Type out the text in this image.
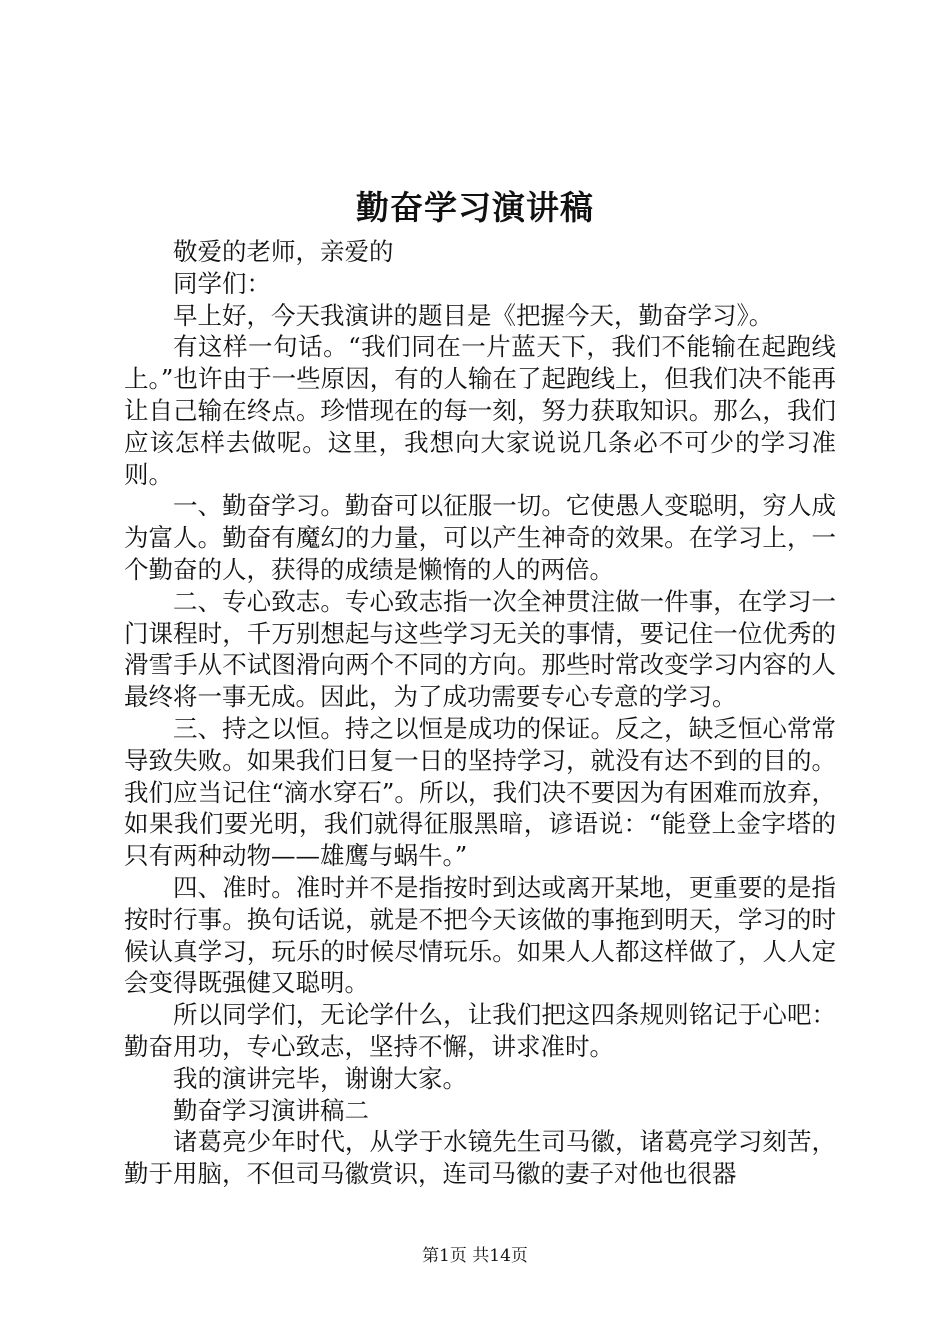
勤奋学习演讲稿

敬爱的老师，亲爱的

同学们：

早上好，今天我演讲的题目是《把握今天，勤奋学习》。

有这样一句话。“我们同在一片蓝天下，我们不能输在起跑线上。”也许由于一些原因，有的人输在了起跑线上，但我们决不能再让自己输在终点。珍惜现在的每一刻，努力获取知识。那么，我们应该怎样去做呢。这里，我想向大家说说几条必不可少的学习准则。

一、勤奋学习。勤奋可以征服一切。它使愚人变聪明，穷人成为富人。勤奋有魔幻的力量，可以产生神奇的效果。在学习上，一个勤奋的人，获得的成绩是懒惰的人的两倍。

二、专心致志。专心致志指一次全神贯注做一件事，在学习一门课程时，千万别想起与这些学习无关的事情，要记住一位优秀的滑雪手从不试图滑向两个不同的方向。那些时常改变学习内容的人最终将一事无成。因此，为了成功需要专心专意的学习。

三、持之以恒。持之以恒是成功的保证。反之，缺乏恒心常常导致失败。如果我们日复一日的坚持学习，就没有达不到的目的。我们应当记住“滴水穿石”。所以，我们决不要因为有困难而放弃，如果我们要光明，我们就得征服黑暗，谚语说：“能登上金字塔的只有两种动物——雄鹰与蜗牛。”

四、准时。准时并不是指按时到达或离开某地，更重要的是指按时行事。换句话说，就是不把今天该做的事拖到明天，学习的时候认真学习，玩乐的时候尽情玩乐。如果人人都这样做了，人人定会变得既强健又聪明。

所以同学们，无论学什么，让我们把这四条规则铭记于心吧：勤奋用功，专心致志，坚持不懈，讲求准时。

我的演讲完毕，谢谢大家。

勤奋学习演讲稿二

诸葛亮少年时代，从学于水镜先生司马徽，诸葛亮学习刻苦，勤于用脑，不但司马徽赏识，连司马徽的妻子对他也很器

第1页 共14页
